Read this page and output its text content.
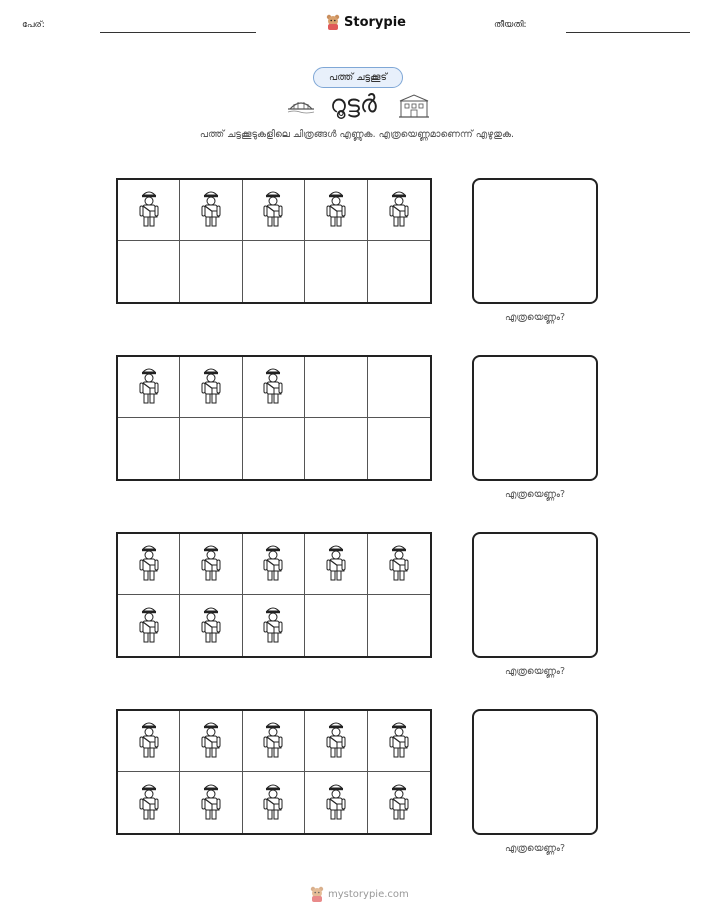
പേര്:	Storypie	തീയതി:
പത്ത് ചട്ടക്കൂട്
റൂട്ടർ
പത്ത് ചട്ടക്കൂടുകളിലെ ചിത്രങ്ങൾ എണ്ണുക. എത്രയെണ്ണമാണെന്ന് എഴുതുക.
എത്രയെണ്ണം?
എത്രയെണ്ണം?
എത്രയെണ്ണം?
എത്രയെണ്ണം?
mystorypie.com
